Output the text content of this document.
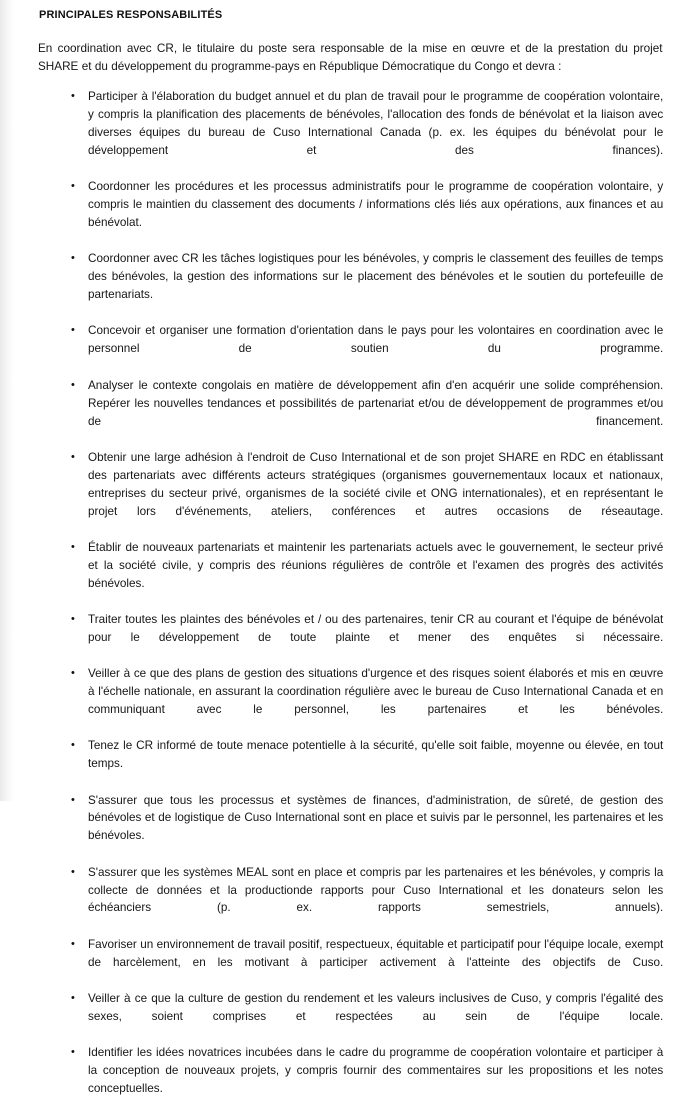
PRINCIPALES RESPONSABILITÉS

En coordination avec CR, le titulaire du poste sera responsable de la mise en œuvre et de la prestation du projet SHARE et du développement du programme-pays en République Démocratique du Congo et devra :

• Participer à l'élaboration du budget annuel et du plan de travail pour le programme de coopération volontaire, y compris la planification des placements de bénévoles, l'allocation des fonds de bénévolat et la liaison avec diverses équipes du bureau de Cuso International Canada (p. ex. les équipes du bénévolat pour le développement et des finances).
• Coordonner les procédures et les processus administratifs pour le programme de coopération volontaire, y compris le maintien du classement des documents / informations clés liés aux opérations, aux finances et au bénévolat.
• Coordonner avec CR les tâches logistiques pour les bénévoles, y compris le classement des feuilles de temps des bénévoles, la gestion des informations sur le placement des bénévoles et le soutien du portefeuille de partenariats.
• Concevoir et organiser une formation d'orientation dans le pays pour les volontaires en coordination avec le personnel de soutien du programme.
• Analyser le contexte congolais en matière de développement afin d'en acquérir une solide compréhension. Repérer les nouvelles tendances et possibilités de partenariat et/ou de développement de programmes et/ou de financement.
• Obtenir une large adhésion à l'endroit de Cuso International et de son projet SHARE en RDC en établissant des partenariats avec différents acteurs stratégiques (organismes gouvernementaux locaux et nationaux, entreprises du secteur privé, organismes de la société civile et ONG internationales), et en représentant le projet lors d'événements, ateliers, conférences et autres occasions de réseautage.
• Établir de nouveaux partenariats et maintenir les partenariats actuels avec le gouvernement, le secteur privé et la société civile, y compris des réunions régulières de contrôle et l'examen des progrès des activités bénévoles.
• Traiter toutes les plaintes des bénévoles et / ou des partenaires, tenir CR au courant et l'équipe de bénévolat pour le développement de toute plainte et mener des enquêtes si nécessaire.
• Veiller à ce que des plans de gestion des situations d'urgence et des risques soient élaborés et mis en œuvre à l'échelle nationale, en assurant la coordination régulière avec le bureau de Cuso International Canada et en communiquant avec le personnel, les partenaires et les bénévoles.
• Tenez le CR informé de toute menace potentielle à la sécurité, qu'elle soit faible, moyenne ou élevée, en tout temps.
• S'assurer que tous les processus et systèmes de finances, d'administration, de sûreté, de gestion des bénévoles et de logistique de Cuso International sont en place et suivis par le personnel, les partenaires et les bénévoles.
• S'assurer que les systèmes MEAL sont en place et compris par les partenaires et les bénévoles, y compris la collecte de données et la productionde rapports pour Cuso International et les donateurs selon les échéanciers (p. ex. rapports semestriels, annuels).
• Favoriser un environnement de travail positif, respectueux, équitable et participatif pour l'équipe locale, exempt de harcèlement, en les motivant à participer activement à l'atteinte des objectifs de Cuso.
• Veiller à ce que la culture de gestion du rendement et les valeurs inclusives de Cuso, y compris l'égalité des sexes, soient comprises et respectées au sein de l'équipe locale.
• Identifier les idées novatrices incubées dans le cadre du programme de coopération volontaire et participer à la conception de nouveaux projets, y compris fournir des commentaires sur les propositions et les notes conceptuelles.
